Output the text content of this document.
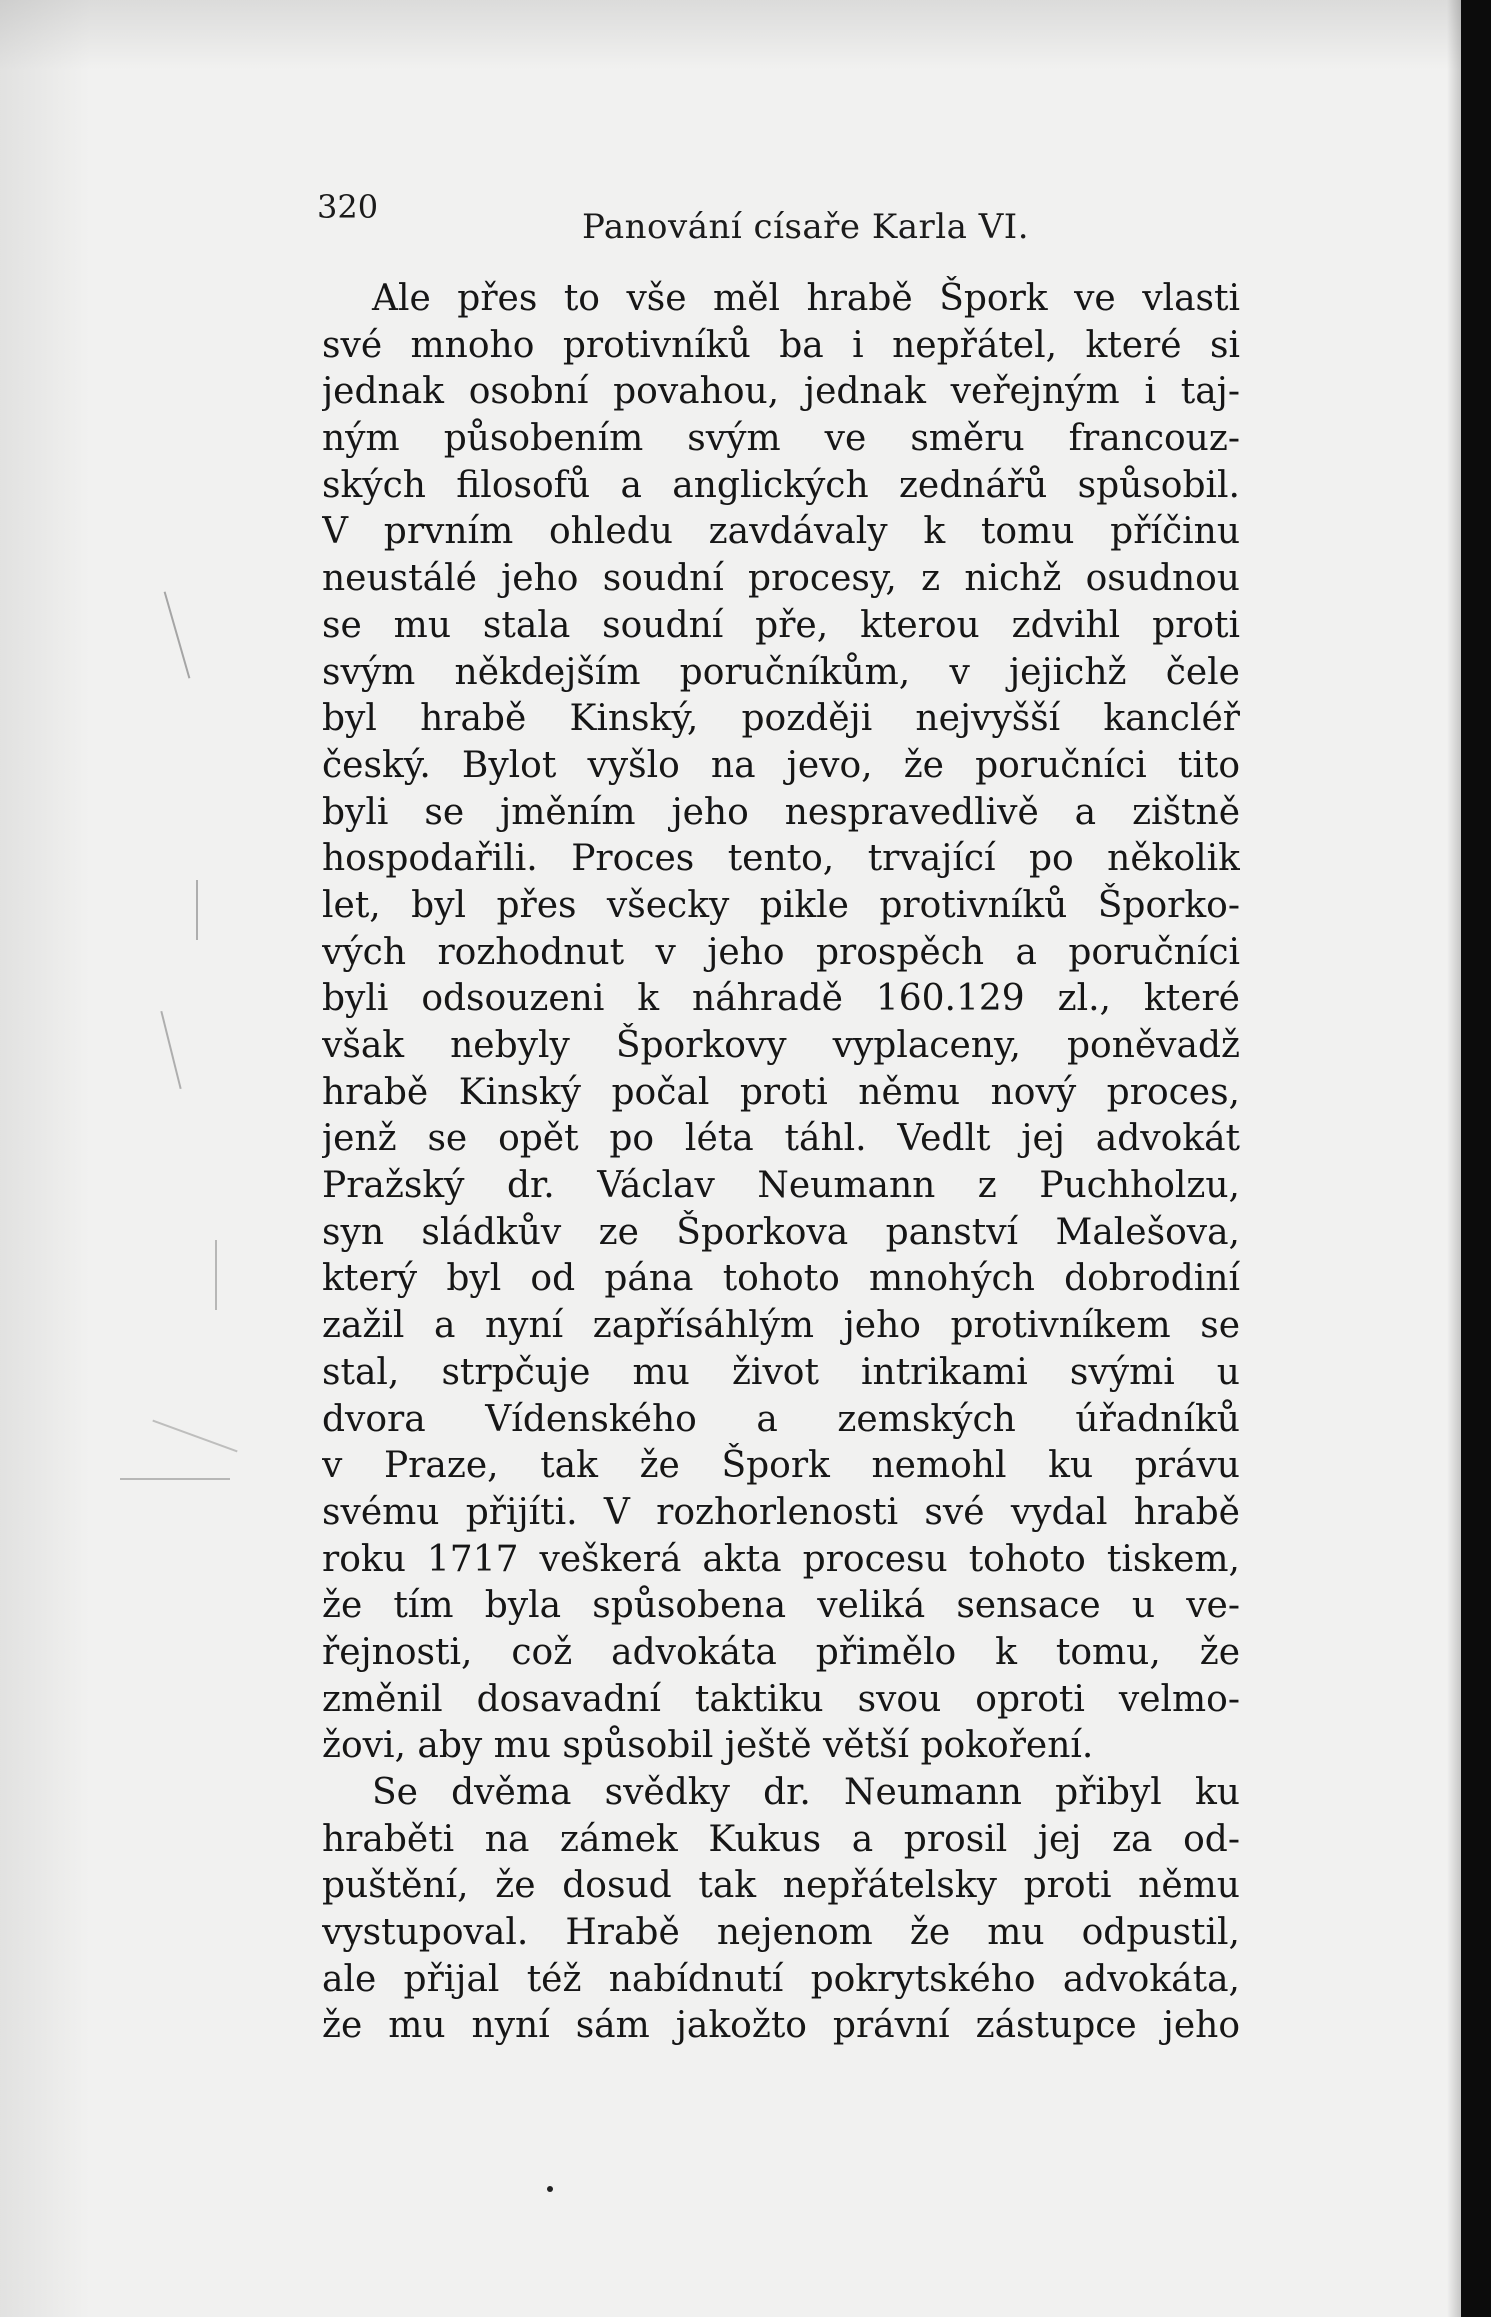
320	Panování císaře Karla VI.
Ale přes to vše měl hrabě Špork ve vlasti
své mnoho protivníků ba i nepřátel, které si
jednak osobní povahou, jednak veřejným i taj-
ným působením svým ve směru francouz-
ských filosofů a anglických zednářů spůsobil.
V prvním ohledu zavdávaly k tomu příčinu
neustálé jeho soudní procesy, z nichž osudnou
se mu stala soudní pře, kterou zdvihl proti
svým někdejším poručníkům, v jejichž čele
byl hrabě Kinský, později nejvyšší kancléř
český. Bylot vyšlo na jevo, že poručníci tito
byli se jměním jeho nespravedlivě a zištně
hospodařili. Proces tento, trvající po několik
let, byl přes všecky pikle protivníků Šporko-
vých rozhodnut v jeho prospěch a poručníci
byli odsouzeni k náhradě 160.129 zl., které
však nebyly Šporkovy vyplaceny, poněvadž
hrabě Kinský počal proti němu nový proces,
jenž se opět po léta táhl. Vedlt jej advokát
Pražský dr. Václav Neumann z Puchholzu,
syn sládkův ze Šporkova panství Malešova,
který byl od pána tohoto mnohých dobrodiní
zažil a nyní zapřísáhlým jeho protivníkem se
stal, strpčuje mu život intrikami svými u
dvora Vídenského a zemských úřadníků
v Praze, tak že Špork nemohl ku právu
svému přijíti. V rozhorlenosti své vydal hrabě
roku 1717 veškerá akta procesu tohoto tiskem,
že tím byla spůsobena veliká sensace u ve-
řejnosti, což advokáta přimělo k tomu, že
změnil dosavadní taktiku svou oproti velmo-
žovi, aby mu spůsobil ještě větší pokoření.
Se dvěma svědky dr. Neumann přibyl ku
hraběti na zámek Kukus a prosil jej za od-
puštění, že dosud tak nepřátelsky proti němu
vystupoval. Hrabě nejenom že mu odpustil,
ale přijal též nabídnutí pokrytského advokáta,
že mu nyní sám jakožto právní zástupce jeho
